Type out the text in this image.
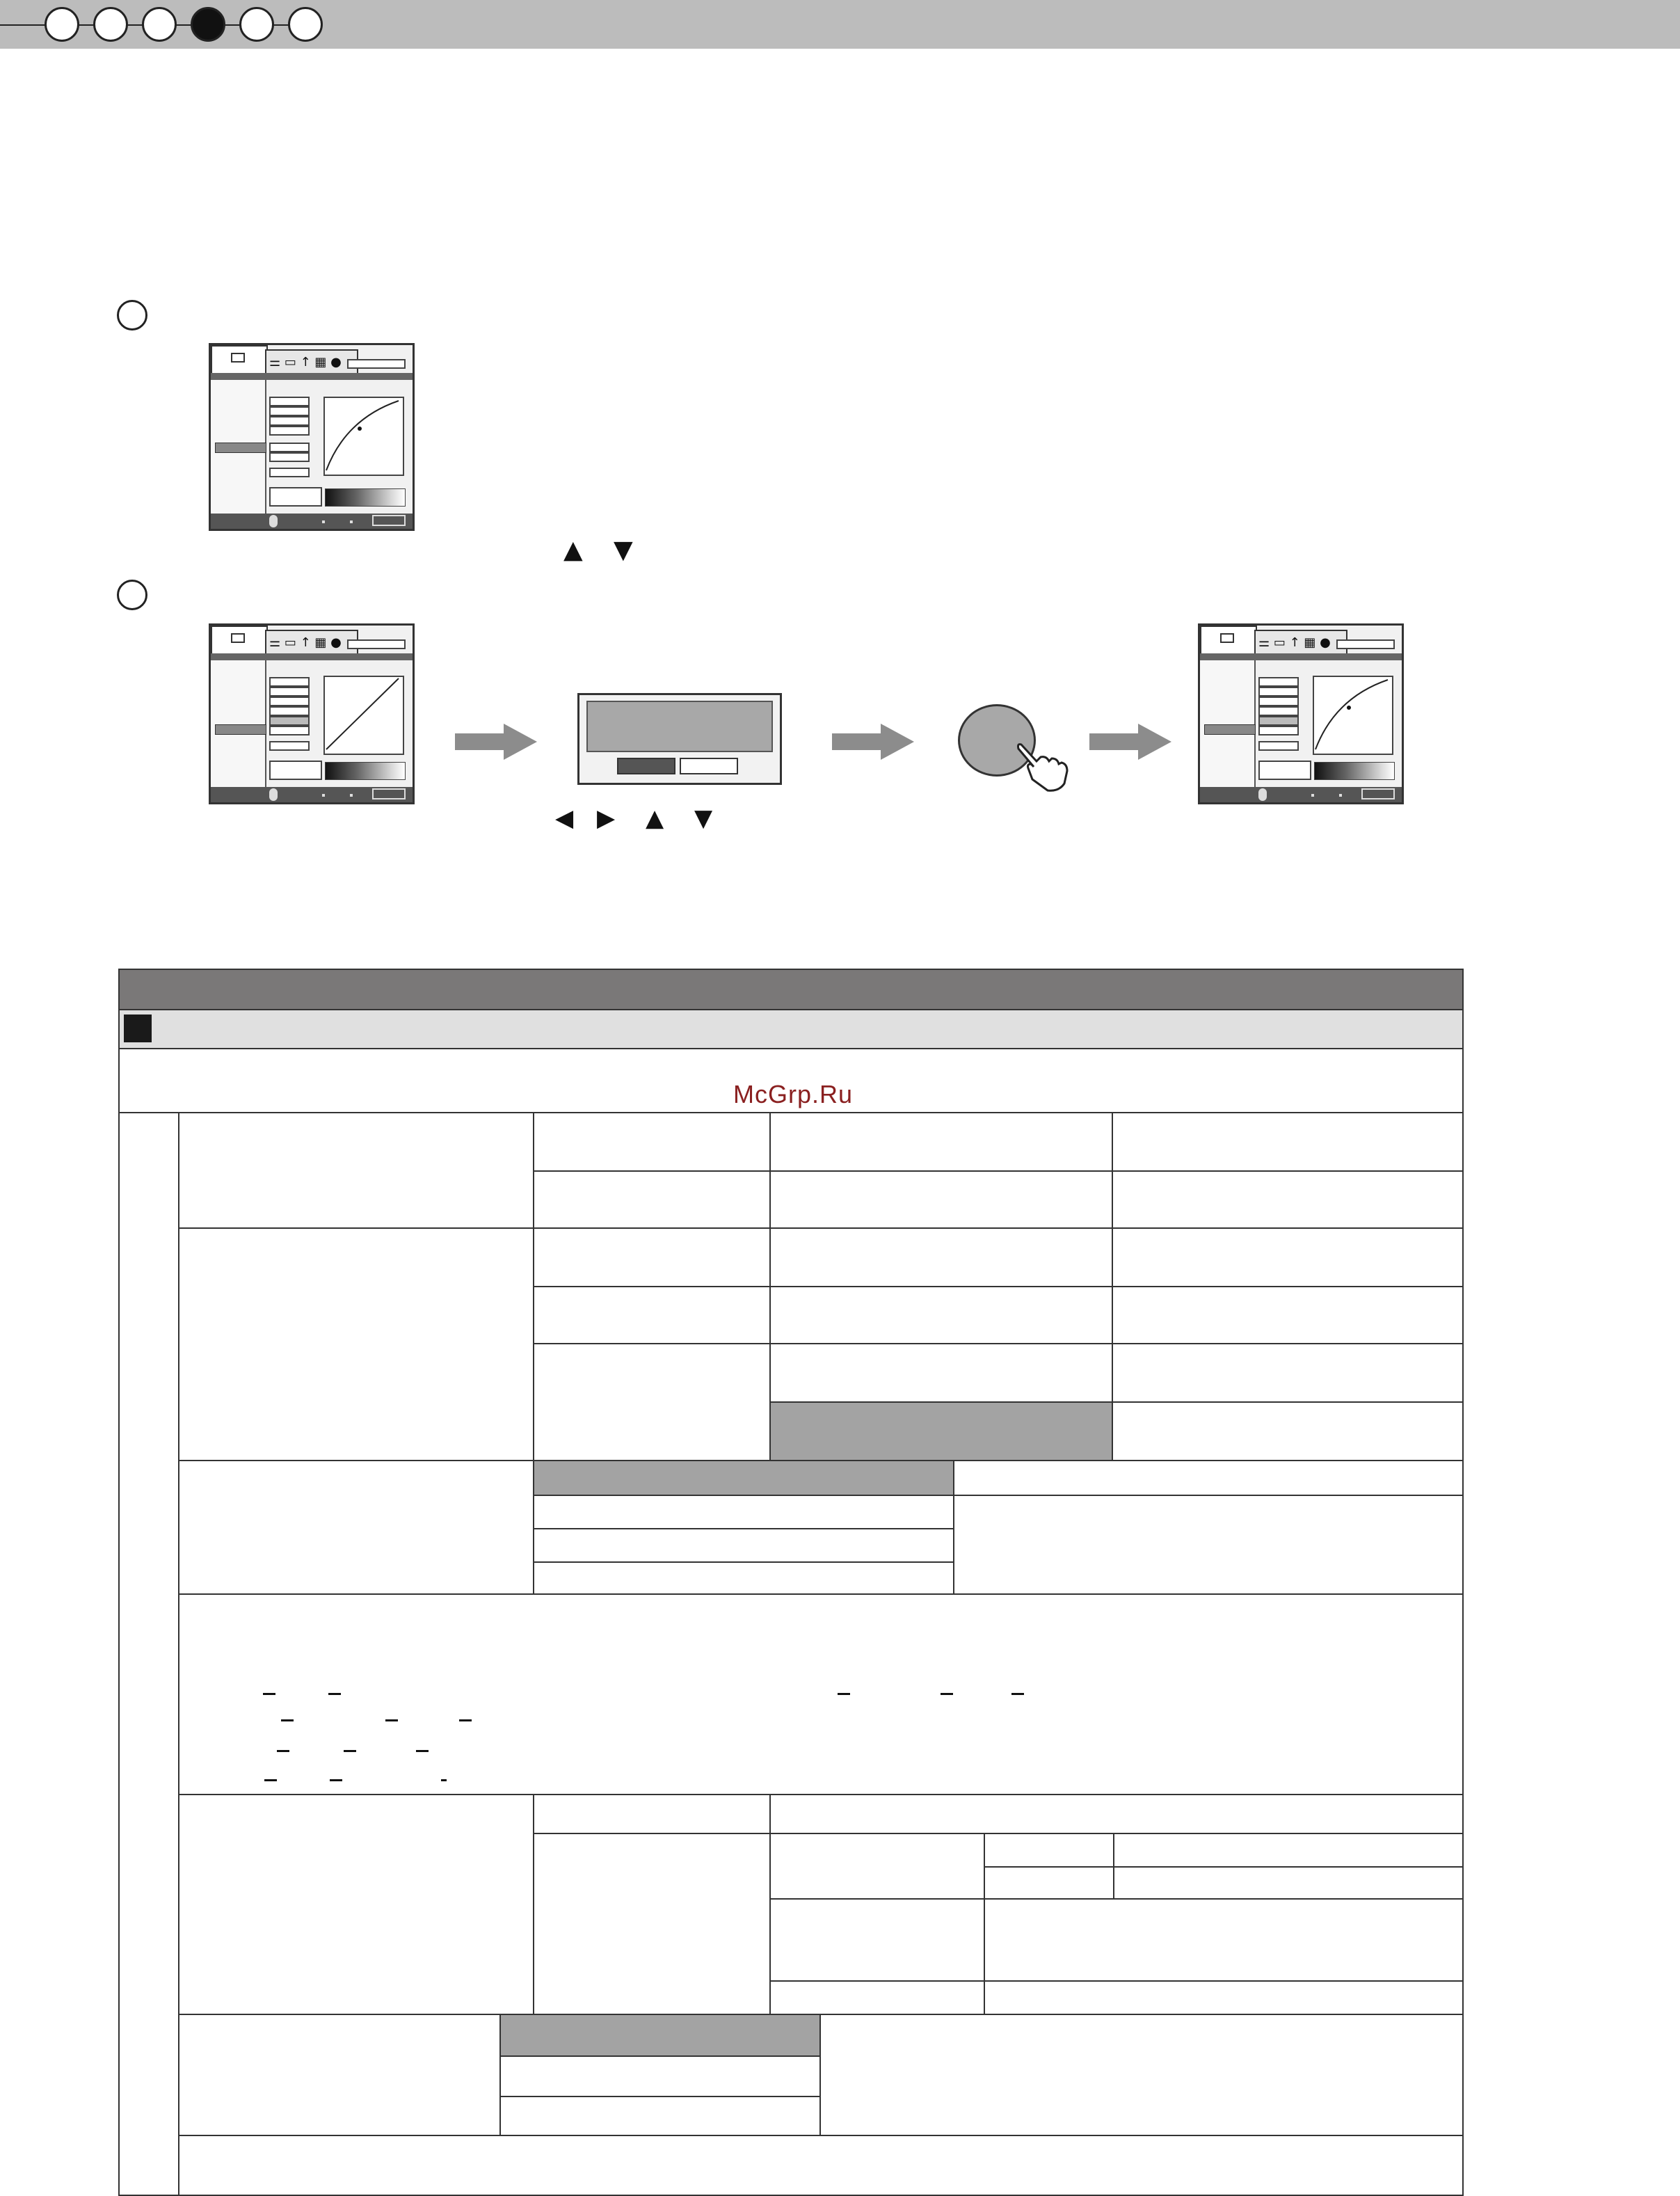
⚌ ▭ ↑ ▦ ●
▲ ▼
⚌ ▭ ↑ ▦ ●
◀ ▶ ▲ ▼
⚌ ▭ ↑ ▦ ●
McGrp.Ru
